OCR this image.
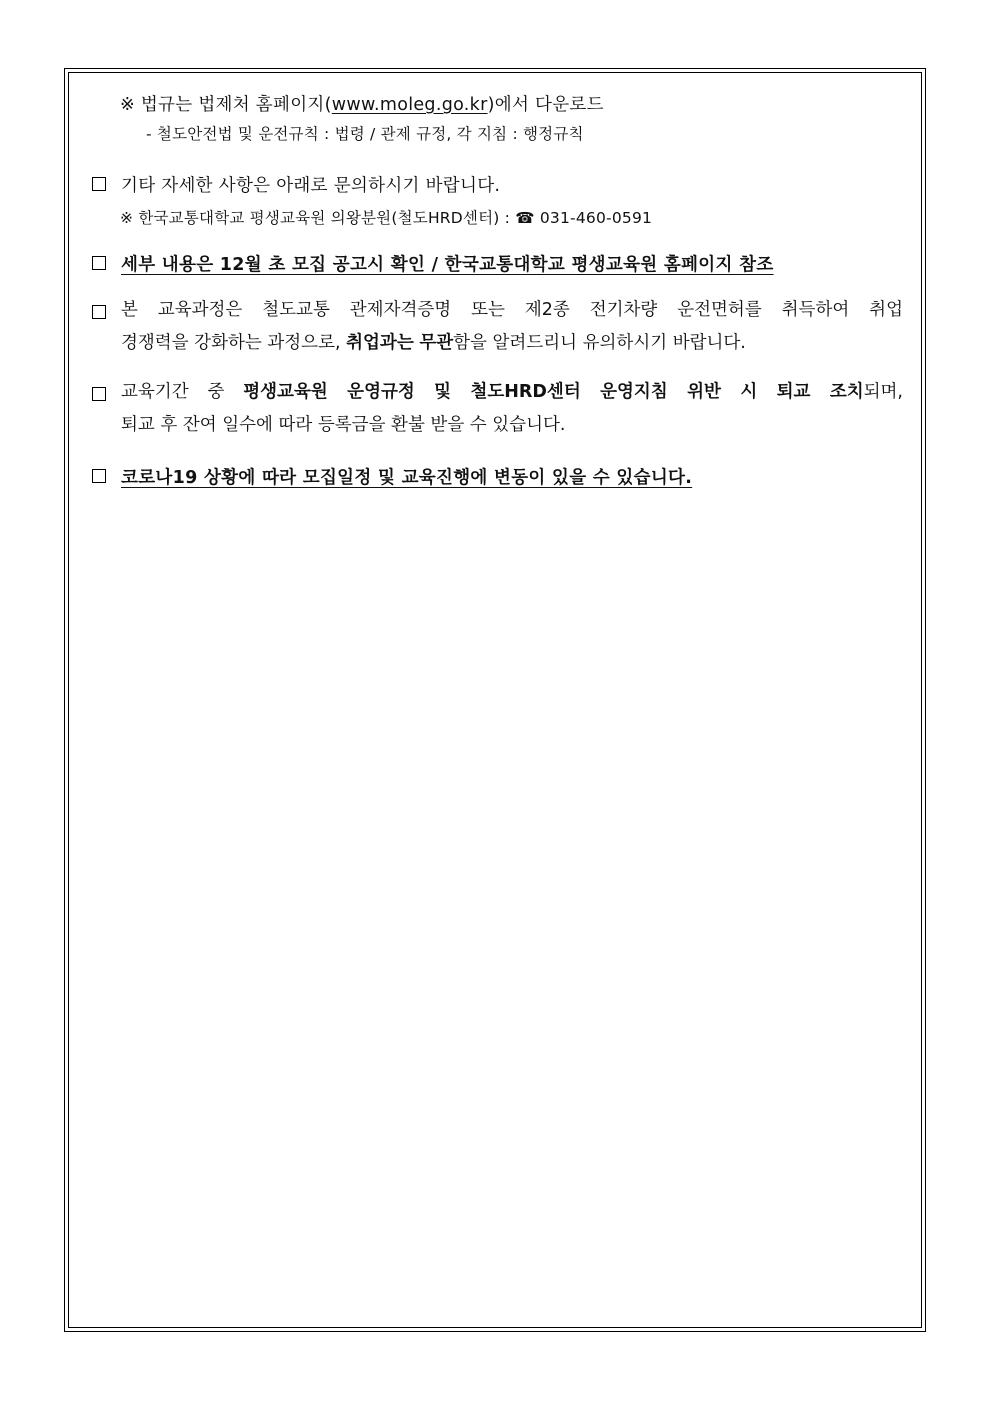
※ 법규는 법제처 홈페이지(www.moleg.go.kr)에서 다운로드
- 철도안전법 및 운전규칙 : 법령 / 관제 규정, 각 지침 : 행정규칙
기타 자세한 사항은 아래로 문의하시기 바랍니다.
※ 한국교통대학교 평생교육원 의왕분원(철도HRD센터) : ☎ 031-460-0591
세부 내용은 12월 초 모집 공고시 확인 / 한국교통대학교 평생교육원 홈페이지 참조
본 교육과정은 철도교통 관제자격증명 또는 제2종 전기차량 운전면허를 취득하여 취업
경쟁력을 강화하는 과정으로, 취업과는 무관함을 알려드리니 유의하시기 바랍니다.
교육기간 중 평생교육원 운영규정 및 철도HRD센터 운영지침 위반 시 퇴교 조치되며,
퇴교 후 잔여 일수에 따라 등록금을 환불 받을 수 있습니다.
코로나19 상황에 따라 모집일정 및 교육진행에 변동이 있을 수 있습니다.
